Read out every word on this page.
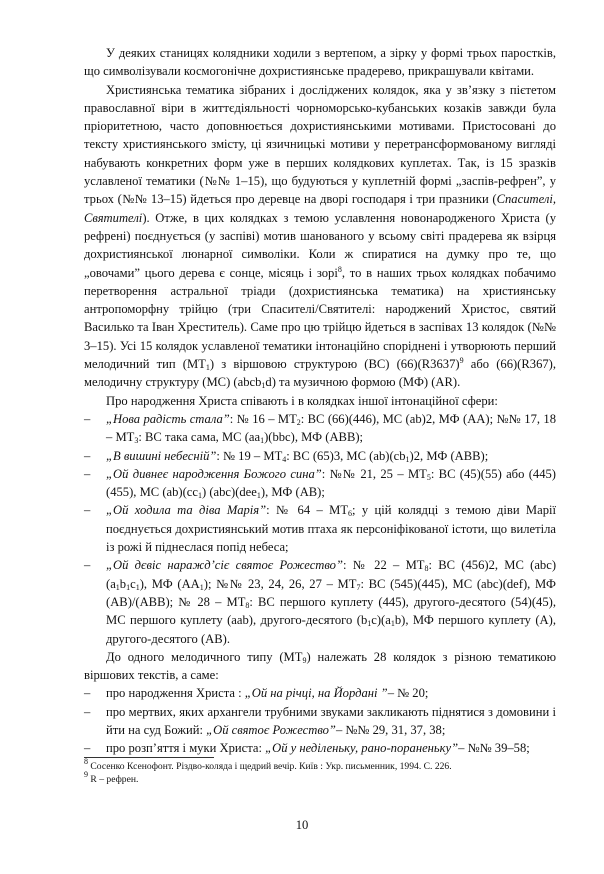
У деяких станицях колядники ходили з вертепом, а зірку у формі трьох паростків, що символізували космогонічне дохристиянське прадерево, прикрашували квітами.

Християнська тематика зібраних і досліджених колядок, яка у зв’язку з пієтетом православної віри в життєдіяльності чорноморсько-кубанських козаків завжди була пріоритетною, часто доповнюється дохристиянськими мотивами. Пристосовані до тексту християнського змісту, ці язичницькі мотиви у перетрансформованому вигляді набувають конкретних форм уже в перших колядкових куплетах. Так, із 15 зразків уславленої тематики (№№ 1–15), що будуються у куплетній формі „заспів-рефрен”, у трьох (№№ 13–15) йдеться про деревце на дворі господаря і три празники (Спасителі, Святителі). Отже, в цих колядках з темою уславлення новонародженого Христа (у рефрені) поєднується (у заспіві) мотив шанованого у всьому світі прадерева як взірця дохристиянської люнарної символіки. Коли ж спиратися на думку про те, що „овочами” цього дерева є сонце, місяць і зорі$^8$, то в наших трьох колядках побачимо перетворення астральної тріади (дохристиянська тематика) на християнську антропоморфну трійцю (три Спасителі/Святителі: народжений Христос, святий Василько та Іван Хреститель). Саме про цю трійцю йдеться в заспівах 13 колядок (№№ 3–15). Усі 15 колядок уславленої тематики інтонаційно споріднені і утворюють перший мелодичний тип $(МТ_1)$ з віршовою структурою (ВС) $(66)(R3637)^9$ або (66)(R367), мелодичну структуру (МС) (abcb$_1$d) та музичною формою (МФ) (АR).

Про народження Христа співають і в колядках іншої інтонаційної сфери:

–	„Нова радість стала”: № $16 - МТ_2$: ВС (66)(446), МС (ab)2, МФ (АА); №№ 17, $18 - МТ_3$: ВС така сама, МС $(aa_1)(bbc)$, МФ (АВВ);
–	„В вишині небесній”: № $19 - МТ_4$: ВС (65)3, МС $(ab)(cb_1)2$, МФ (АВВ);
–	„Ой дивнеє народження Божого сина”: №№ 21, $25 - МТ_5$: ВС (45)(55) або (445)(455), МС $(ab)(cc_1)$ (abc)(dee$_1$), МФ (АВ);
–	„Ой ходила та діва Марія”: № $64 - МТ_6$; у цій колядці з темою діви Марії поєднується дохристиянський мотив птаха як персоніфікованої істоти, що вилетіла із рожі й піднеслася попід небеса;
–	„Ой дєвіс наражд’сіє святоє Рожество”: № $22 - МТ_8$: ВС (456)2, МС $(abc)(a_1b_1c_1)$, МФ $(АА_1)$; №№ 23, 24, 26, $27 - МТ_7$: ВС (545)(445), МС (abc)(def), МФ (АВ)/(АВВ); № $28 - МТ_8$: ВС першого куплету (445), другого-десятого (54)(45), МС першого куплету (aab), другого-десятого $(b_1c)(a_1b)$, МФ першого куплету (А), другого-десятого (АВ).

До одного мелодичного типу $(МТ_9)$ належать 28 колядок з різною тематикою віршових текстів, а саме:

–	про народження Христа : „Ой на річці, на Йордані ”– № 20;
–	про мертвих, яких архангели трубними звуками закликають піднятися з домовини і йти на суд Божий: „Ой святоє Рожество”– №№ 29, 31, 37, 38;
–	про розп’яття і муки Христа: „Ой у неділеньку, рано-пораненьку”– №№ 39–58;
$^8$ Сосенко Ксенофонт. Різдво-коляда і щедрий вечір. Київ : Укр. письменник, 1994. С. 226.
$^9$ R – рефрен.
10
